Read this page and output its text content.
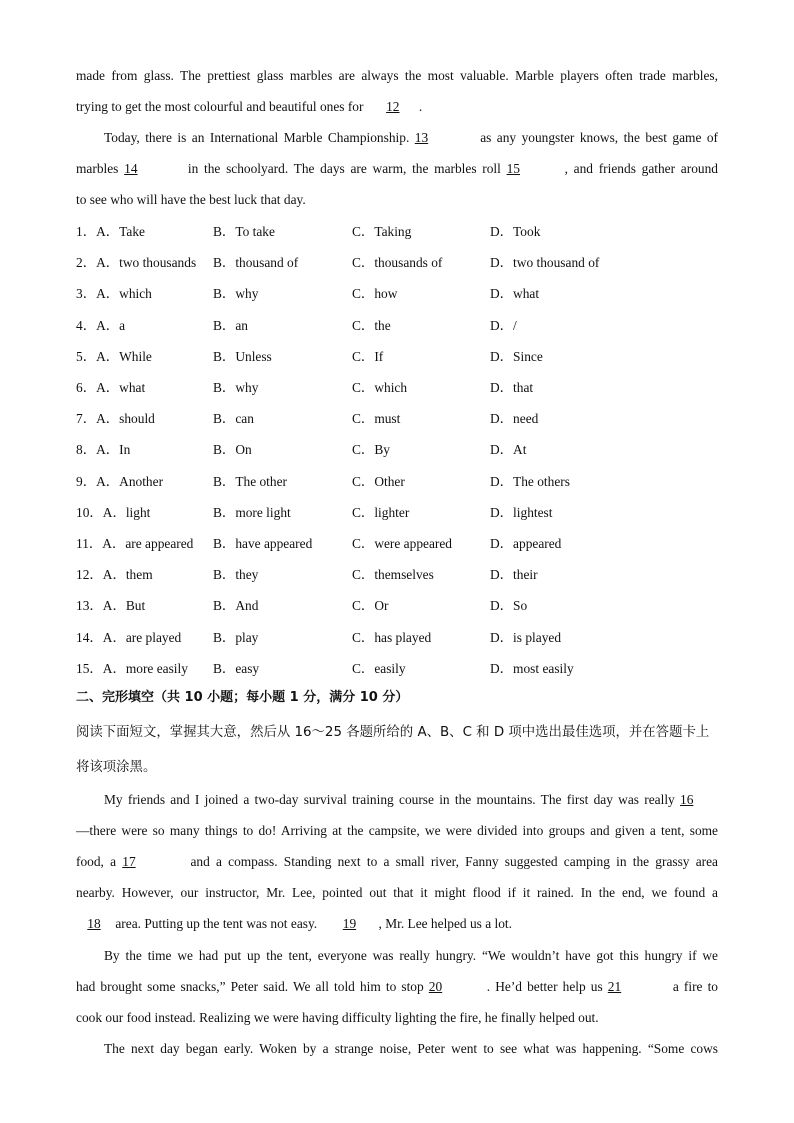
made from glass. The prettiest glass marbles are always the most valuable. Marble players often trade marbles,
trying to get the most colourful and beautiful ones for 12 .
Today, there is an International Marble Championship. 13	as any youngster knows, the best game of
marbles 14	in the schoolyard. The days are warm, the marbles roll 15	, and friends gather around
to see who will have the best luck that day.
1．A．Take	B．To take	C．Taking	D．Took
2．A．two thousands B．thousand of	C．thousands of	D．two thousand of
3．A．which	B．why	C．how	D．what
4．A．a	B．an	C．the	D．/
5．A．While	B．Unless	C．If	D．Since
6．A．what	B．why	C．which	D．that
7．A．should	B．can	C．must	D．need
8．A．In	B．On	C．By	D．At
9．A．Another	B．The other	C．Other	D．The others
10．A．light	B．more light	C．lighter	D．lightest
11．A．are appeared B．have appeared	C．were appeared	D．appeared
12．A．them	B．they	C．themselves	D．their
13．A．But	B．And	C．Or	D．So
14．A．are played B．play	C．has played	D．is played
15．A．more easily B．easy	C．easily	D．most easily
二、完形填空（共 10 小题；每小题 1 分，满分 10 分）
阅读下面短文，掌握其大意，然后从 16～25 各题所给的 A、B、C 和 D 项中选出最佳选项，并在答题卡上
将该项涂黑。
My friends and I joined a two-day survival training course in the mountains. The first day was really 16
—there were so many things to do! Arriving at the campsite, we were divided into groups and given a tent, some
food, a 17	and a compass. Standing next to a small river, Fanny suggested camping in the grassy area
nearby. However, our instructor, Mr. Lee, pointed out that it might flood if it rained. In the end, we found a
18 area. Putting up the tent was not easy. 19 , Mr. Lee helped us a lot.
By the time we had put up the tent, everyone was really hungry. “We wouldn’t have got this hungry if we
had brought some snacks,” Peter said. We all told him to stop 20	. He’d better help us 21	a fire to
cook our food instead. Realizing we were having difficulty lighting the fire, he finally helped out.
The next day began early. Woken by a strange noise, Peter went to see what was happening. “Some cows
